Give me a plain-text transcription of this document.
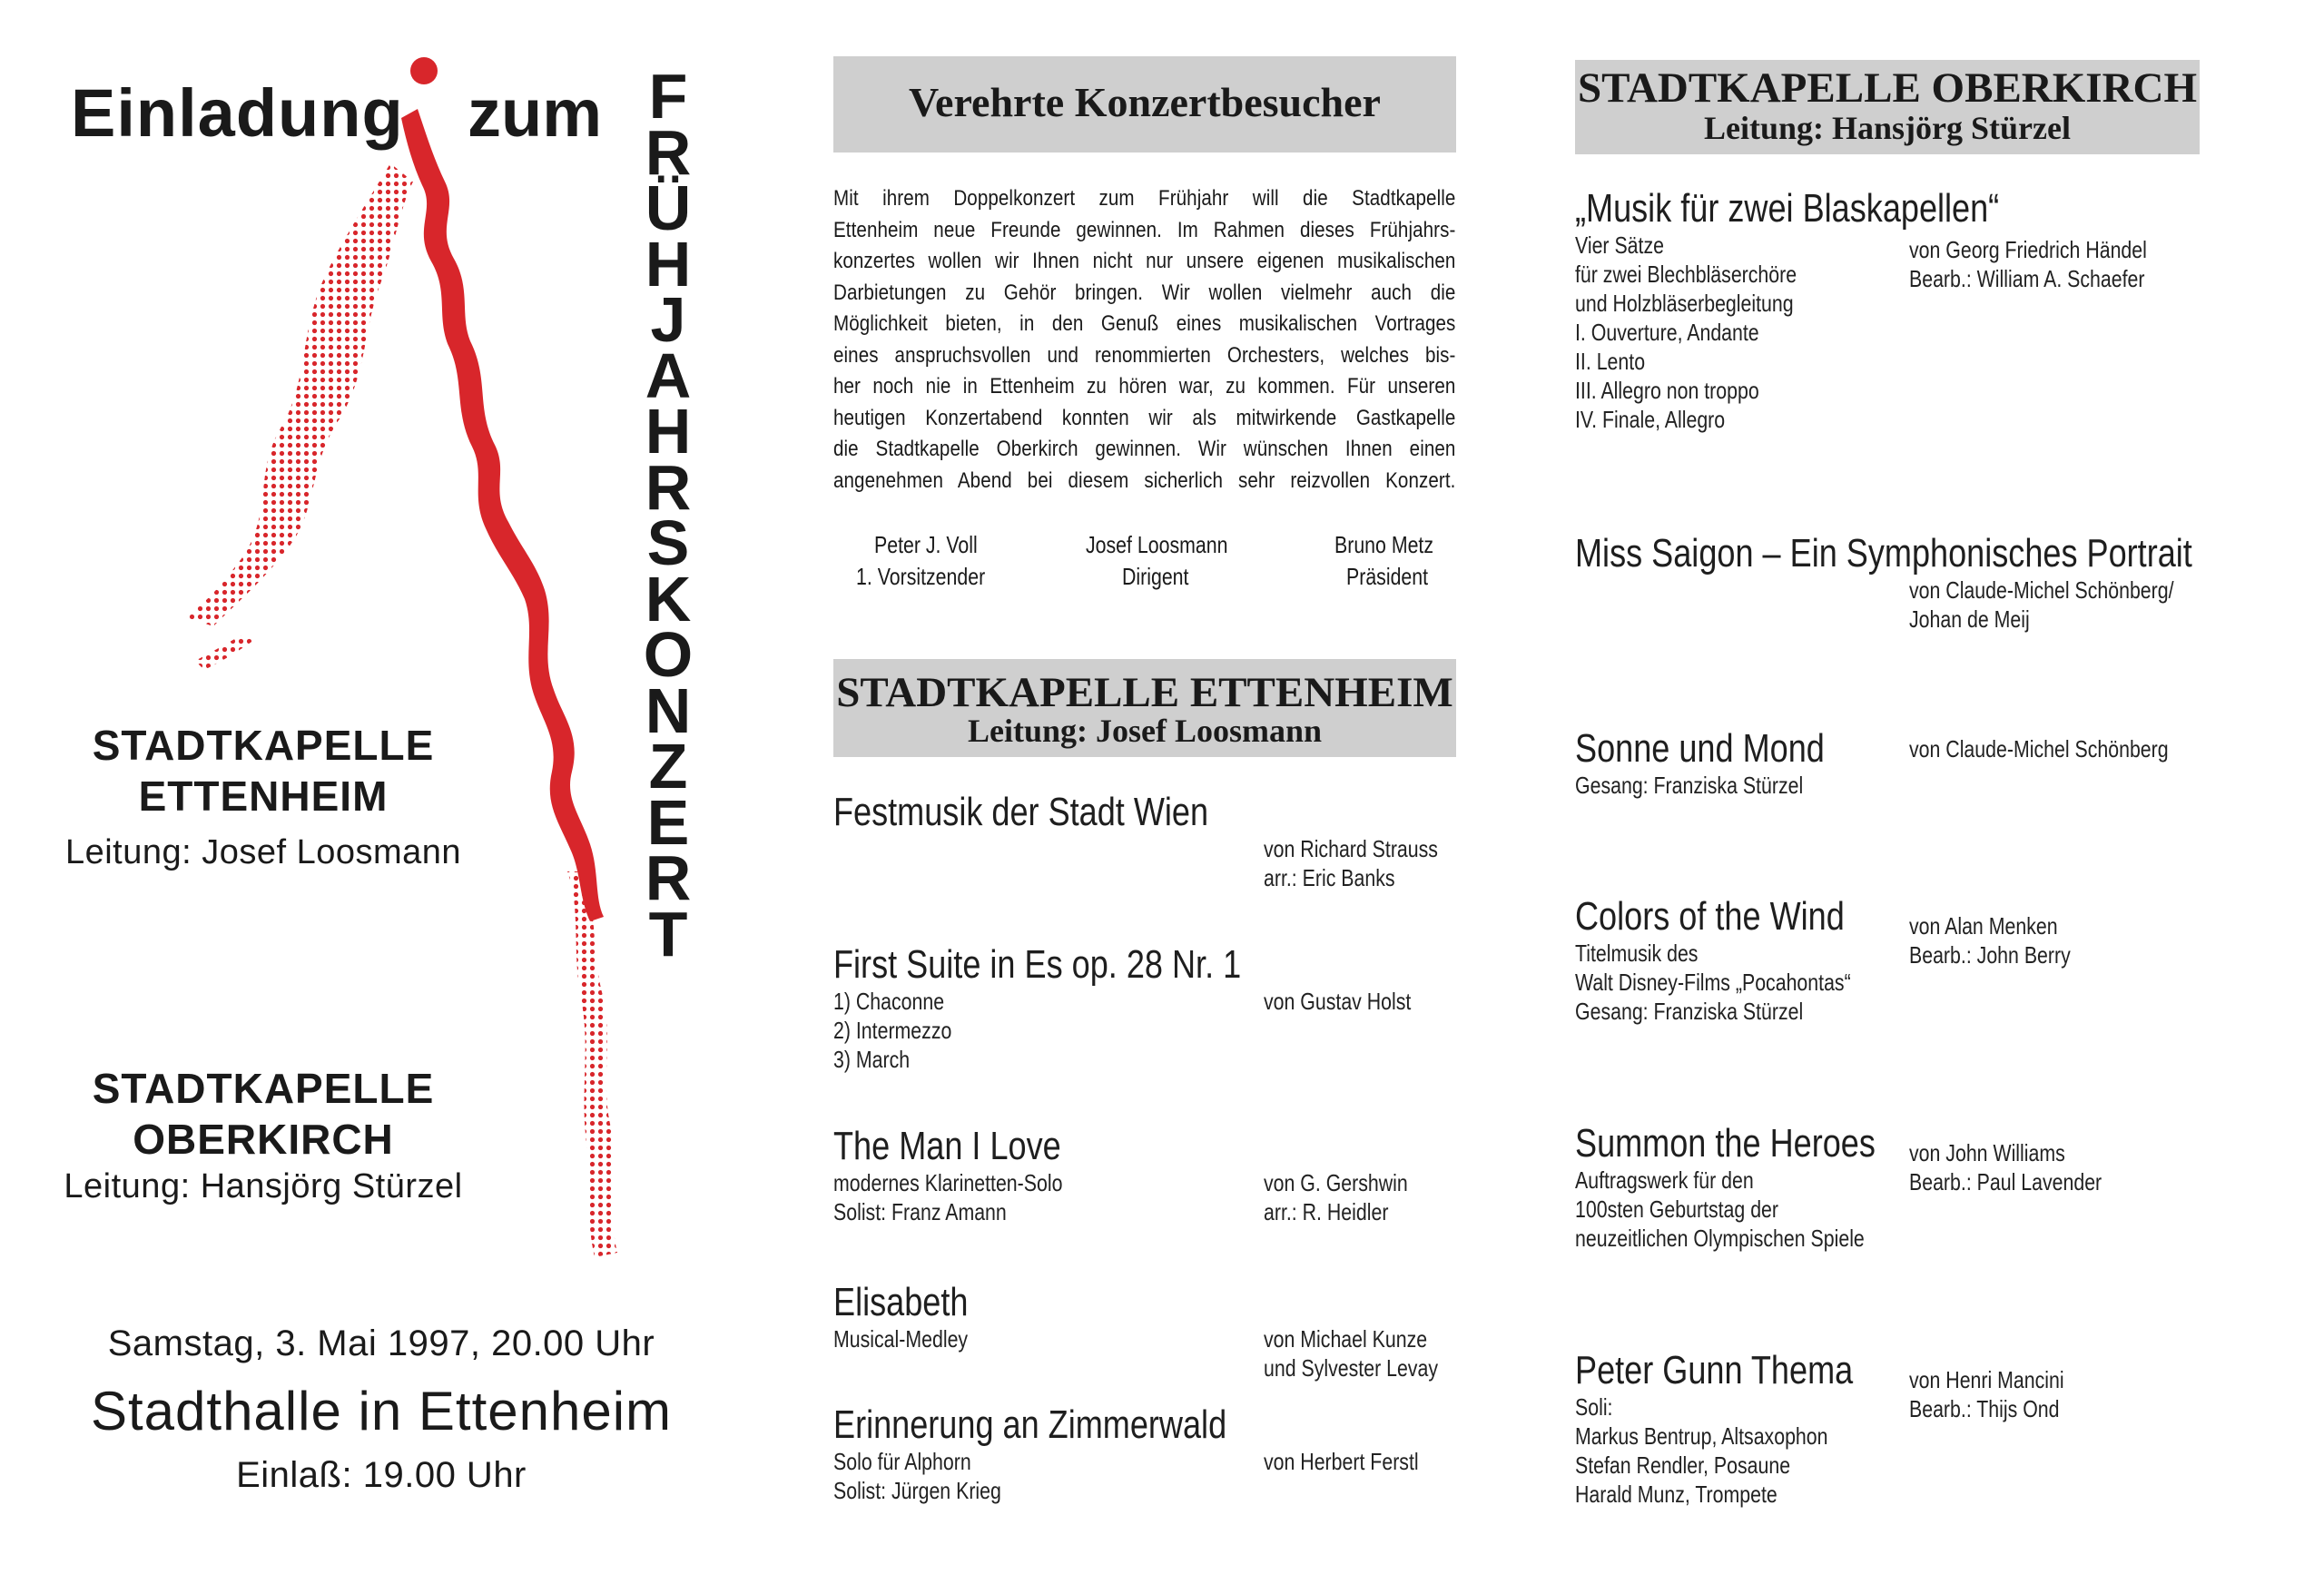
Einladung zum F
R
Ü
H
J
A
H
R
S
K
O
N
Z
E
R
T
STADTKAPELLE
ETTENHEIM
Leitung: Josef Loosmann
STADTKAPELLE
OBERKIRCH
Leitung: Hansjörg Stürzel
Samstag, 3. Mai 1997, 20.00 Uhr
Stadthalle in Ettenheim
Einlaß: 19.00 Uhr
Verehrte Konzertbesucher
Mit ihrem Doppelkonzert zum Frühjahr will die Stadtkapelle
Ettenheim neue Freunde gewinnen. Im Rahmen dieses Frühjahrs-
konzertes wollen wir Ihnen nicht nur unsere eigenen musikalischen
Darbietungen zu Gehör bringen. Wir wollen vielmehr auch die
Möglichkeit bieten, in den Genuß eines musikalischen Vortrages
eines anspruchsvollen und renommierten Orchesters, welches bis-
her noch nie in Ettenheim zu hören war, zu kommen. Für unseren
heutigen Konzertabend konnten wir als mitwirkende Gastkapelle
die Stadtkapelle Oberkirch gewinnen. Wir wünschen Ihnen einen
angenehmen Abend bei diesem sicherlich sehr reizvollen Konzert.
Peter J. Voll
1. Vorsitzender
Josef Loosmann
Dirigent
Bruno Metz
Präsident
STADTKAPELLE ETTENHEIM
Leitung: Josef Loosmann
Festmusik der Stadt Wien
von Richard Strauss
arr.: Eric Banks
First Suite in Es op. 28 Nr. 1
1) Chaconne
2) Intermezzo
3) March
von Gustav Holst
The Man I Love
modernes Klarinetten-Solo
Solist: Franz Amann
von G. Gershwin
arr.: R. Heidler
Elisabeth
Musical-Medley	von Michael Kunze
und Sylvester Levay
Erinnerung an Zimmerwald
Solo für Alphorn
Solist: Jürgen Krieg
von Herbert Ferstl
STADTKAPELLE OBERKIRCH
Leitung: Hansjörg Stürzel
„Musik für zwei Blaskapellen“
Vier Sätze
für zwei Blechbläserchöre
und Holzbläserbegleitung
I. Ouverture, Andante
II. Lento
III. Allegro non troppo
IV. Finale, Allegro
von Georg Friedrich Händel
Bearb.: William A. Schaefer
Miss Saigon – Ein Symphonisches Portrait
von Claude-Michel Schönberg/
Johan de Meij
Sonne und Mond
Gesang: Franziska Stürzel
von Claude-Michel Schönberg
Colors of the Wind
Titelmusik des
Walt Disney-Films „Pocahontas“
Gesang: Franziska Stürzel
von Alan Menken
Bearb.: John Berry
Summon the Heroes
Auftragswerk für den
100sten Geburtstag der
neuzeitlichen Olympischen Spiele
von John Williams
Bearb.: Paul Lavender
Peter Gunn Thema
Soli:
Markus Bentrup, Altsaxophon
Stefan Rendler, Posaune
Harald Munz, Trompete
von Henri Mancini
Bearb.: Thijs Ond
